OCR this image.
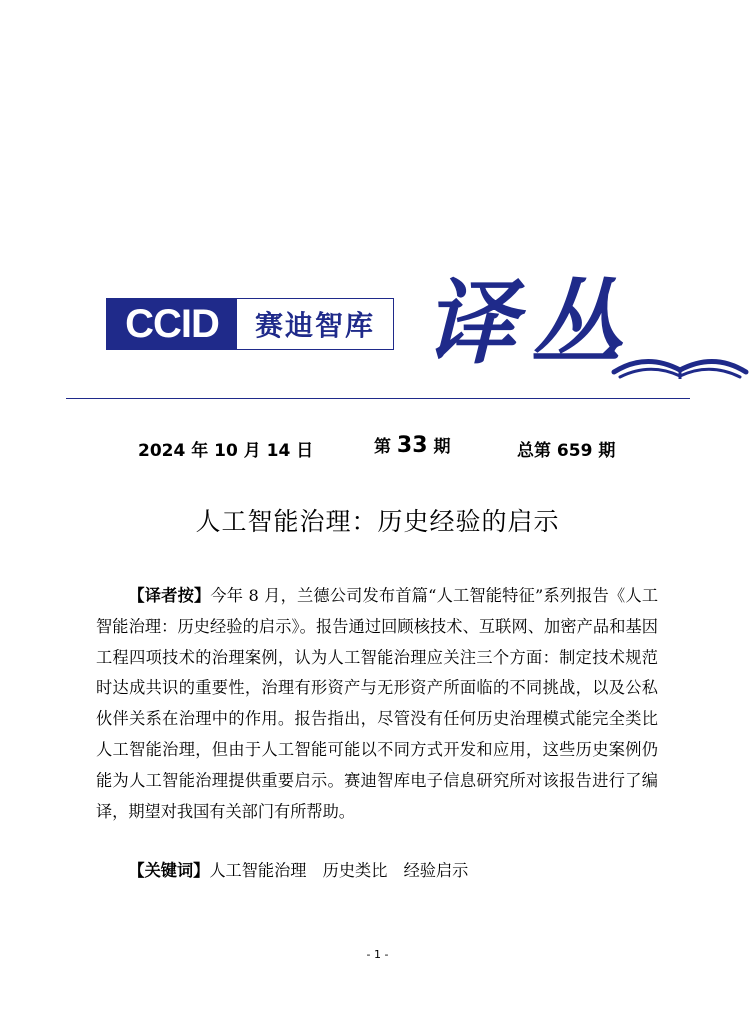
CCID	赛迪智库 译丛
2024 年 10 月 14 日	第 33 期	总第 659 期
人工智能治理：历史经验的启示

【译者按】今年 8 月，兰德公司发布首篇“人工智能特征”系列报告《人工智能治理：历史经验的启示》。报告通过回顾核技术、互联网、加密产品和基因工程四项技术的治理案例，认为人工智能治理应关注三个方面：制定技术规范时达成共识的重要性，治理有形资产与无形资产所面临的不同挑战，以及公私伙伴关系在治理中的作用。报告指出，尽管没有任何历史治理模式能完全类比人工智能治理，但由于人工智能可能以不同方式开发和应用，这些历史案例仍能为人工智能治理提供重要启示。赛迪智库电子信息研究所对该报告进行了编译，期望对我国有关部门有所帮助。

【关键词】人工智能治理 历史类比 经验启示

- 1 -
